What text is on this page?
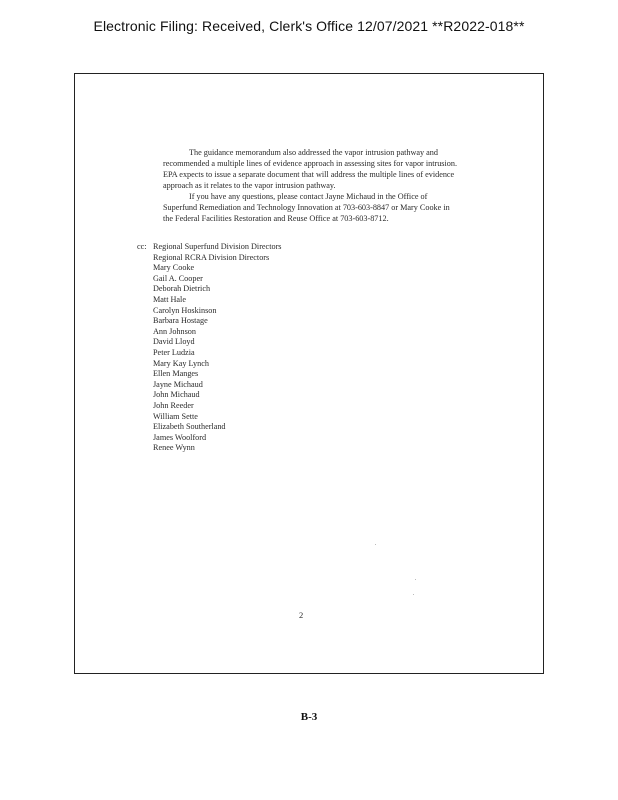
Electronic Filing: Received, Clerk's Office 12/07/2021 **R2022-018**
The guidance memorandum also addressed the vapor intrusion pathway and
recommended a multiple lines of evidence approach in assessing sites for vapor intrusion.
EPA expects to issue a separate document that will address the multiple lines of evidence
approach as it relates to the vapor intrusion pathway.
If you have any questions, please contact Jayne Michaud in the Office of
Superfund Remediation and Technology Innovation at 703-603-8847 or Mary Cooke in
the Federal Facilities Restoration and Reuse Office at 703-603-8712.
cc: Regional Superfund Division Directors
Regional RCRA Division Directors
Mary Cooke
Gail A. Cooper
Deborah Dietrich
Matt Hale
Carolyn Hoskinson
Barbara Hostage
Ann Johnson
David Lloyd
Peter Ludzia
Mary Kay Lynch
Ellen Manges
Jayne Michaud
John Michaud
John Reeder
William Sette
Elizabeth Southerland
James Woolford
Renee Wynn
2
B-3
